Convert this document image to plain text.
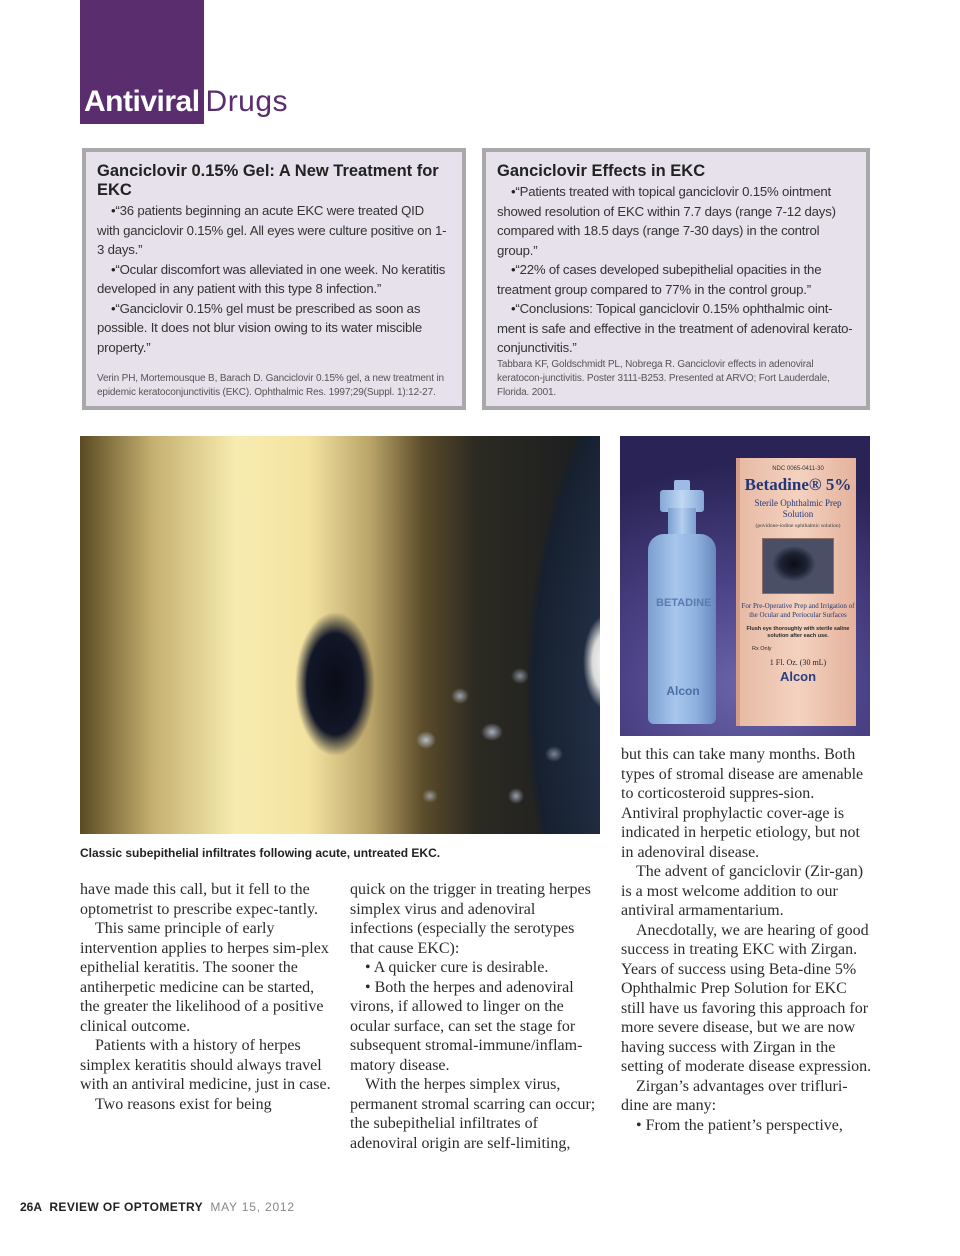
Antiviral Drugs
Ganciclovir 0.15% Gel: A New Treatment for EKC
• “36 patients beginning an acute EKC were treated QID with ganciclovir 0.15% gel. All eyes were culture positive on 1-3 days.”
• “Ocular discomfort was alleviated in one week. No keratitis developed in any patient with this type 8 infection.”
• “Ganciclovir 0.15% gel must be prescribed as soon as possible. It does not blur vision owing to its water miscible property.”

Verin PH, Mortemousque B, Barach D. Ganciclovir 0.15% gel, a new treatment in epidemic keratoconjunctivitis (EKC). Ophthalmic Res. 1997;29(Suppl. 1):12-27.

Ganciclovir Effects in EKC
• “Patients treated with topical ganciclovir 0.15% ointment showed resolution of EKC within 7.7 days (range 7-12 days) compared with 18.5 days (range 7-30 days) in the control group.”
• “22% of cases developed subepithelial opacities in the treatment group compared to 77% in the control group.”
• “Conclusions: Topical ganciclovir 0.15% ophthalmic oint-ment is safe and effective in the treatment of adenoviral kerato-conjunctivitis.”

Tabbara KF, Goldschmidt PL, Nobrega R. Ganciclovir effects in adenoviral keratocon-junctivitis. Poster 3111-B253. Presented at ARVO; Fort Lauderdale, Florida. 2001.

BETADINE
Alcon
NDC 0065-0411-30
Betadine® 5%
Sterile Ophthalmic Prep Solution
(povidone-iodine ophthalmic solution)
For Pre-Operative Prep and Irrigation of the Ocular and Periocular Surfaces
Flush eye thoroughly with sterile saline solution after each use.
Rx Only
1 Fl. Oz. (30 mL)
Alcon

Classic subepithelial infiltrates following acute, untreated EKC.

have made this call, but it fell to the optometrist to prescribe expec-tantly.

This same principle of early intervention applies to herpes sim-plex epithelial keratitis. The sooner the antiherpetic medicine can be started, the greater the likelihood of a positive clinical outcome.

Patients with a history of herpes simplex keratitis should always travel with an antiviral medicine, just in case.

Two reasons exist for being

quick on the trigger in treating herpes simplex virus and adenoviral infections (especially the serotypes that cause EKC):

• A quicker cure is desirable.

• Both the herpes and adenoviral virons, if allowed to linger on the ocular surface, can set the stage for subsequent stromal-immune/inflam-matory disease.

With the herpes simplex virus, permanent stromal scarring can occur; the subepithelial infiltrates of adenoviral origin are self-limiting,

but this can take many months. Both types of stromal disease are amenable to corticosteroid suppres-sion. Antiviral prophylactic cover-age is indicated in herpetic etiology, but not in adenoviral disease.

The advent of ganciclovir (Zir-gan) is a most welcome addition to our antiviral armamentarium.

Anecdotally, we are hearing of good success in treating EKC with Zirgan. Years of success using Beta-dine 5% Ophthalmic Prep Solution for EKC still have us favoring this approach for more severe disease, but we are now having success with Zirgan in the setting of moderate disease expression.

Zirgan’s advantages over trifluri-dine are many:

• From the patient’s perspective,

26A REVIEW OF OPTOMETRY MAY 15, 2012
